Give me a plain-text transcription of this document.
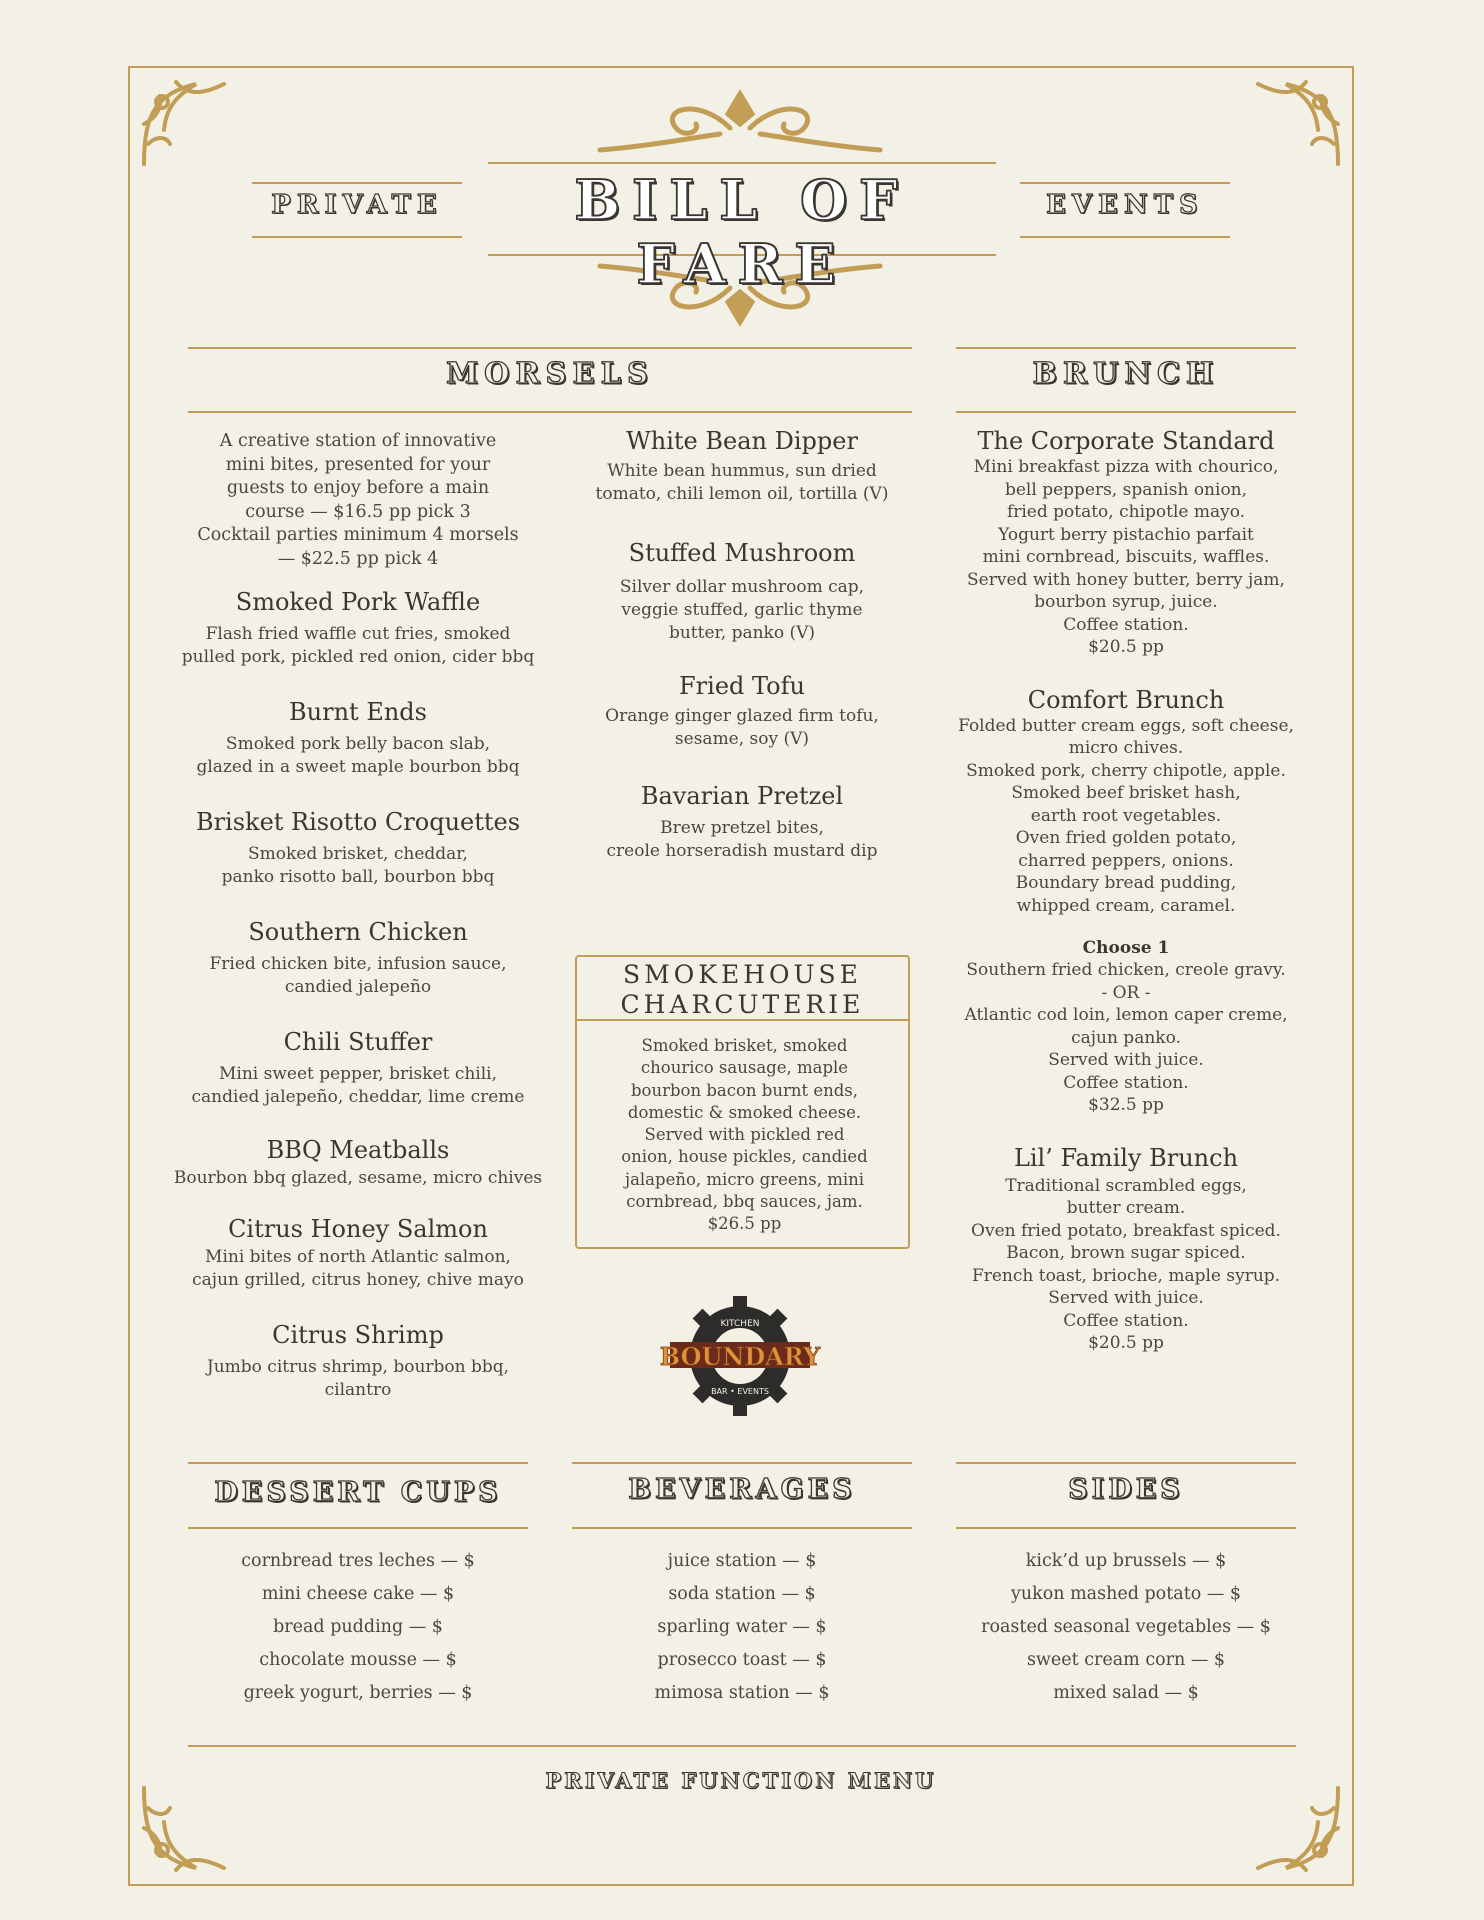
BILL OF FARE
PRIVATE	EVENTS
MORSELS	BRUNCH
A creative station of innovative
mini bites, presented for your
guests to enjoy before a main
course — $16.5 pp pick 3
Cocktail parties minimum 4 morsels
— $22.5 pp pick 4
Smoked Pork Waffle
Flash fried waffle cut fries, smoked
pulled pork, pickled red onion, cider bbq
Burnt Ends
Smoked pork belly bacon slab,
glazed in a sweet maple bourbon bbq
Brisket Risotto Croquettes
Smoked brisket, cheddar,
panko risotto ball, bourbon bbq
Southern Chicken
Fried chicken bite, infusion sauce,
candied jalepeño
Chili Stuffer
Mini sweet pepper, brisket chili,
candied jalepeño, cheddar, lime creme
BBQ Meatballs
Bourbon bbq glazed, sesame, micro chives
Citrus Honey Salmon
Mini bites of north Atlantic salmon,
cajun grilled, citrus honey, chive mayo
Citrus Shrimp
Jumbo citrus shrimp, bourbon bbq,
cilantro
White Bean Dipper
White bean hummus, sun dried
tomato, chili lemon oil, tortilla (V)
Stuffed Mushroom
Silver dollar mushroom cap,
veggie stuffed, garlic thyme
butter, panko (V)
Fried Tofu
Orange ginger glazed firm tofu,
sesame, soy (V)
Bavarian Pretzel
Brew pretzel bites,
creole horseradish mustard dip
SMOKEHOUSE
CHARCUTERIE
Smoked brisket, smoked
chourico sausage, maple
bourbon bacon burnt ends,
domestic & smoked cheese.
Served with pickled red
onion, house pickles, candied
jalapeño, micro greens, mini
cornbread, bbq sauces, jam.
$26.5 pp
KITCHEN
BOUNDARY
BAR • EVENTS
The Corporate Standard
Mini breakfast pizza with chourico,
bell peppers, spanish onion,
fried potato, chipotle mayo.
Yogurt berry pistachio parfait
mini cornbread, biscuits, waffles.
Served with honey butter, berry jam,
bourbon syrup, juice.
Coffee station.
$20.5 pp
Comfort Brunch
Folded butter cream eggs, soft cheese,
micro chives.
Smoked pork, cherry chipotle, apple.
Smoked beef brisket hash,
earth root vegetables.
Oven fried golden potato,
charred peppers, onions.
Boundary bread pudding,
whipped cream, caramel.
Choose 1
Southern fried chicken, creole gravy.
- OR -
Atlantic cod loin, lemon caper creme,
cajun panko.
Served with juice.
Coffee station.
$32.5 pp
Lil’ Family Brunch
Traditional scrambled eggs,
butter cream.
Oven fried potato, breakfast spiced.
Bacon, brown sugar spiced.
French toast, brioche, maple syrup.
Served with juice.
Coffee station.
$20.5 pp
DESSERT CUPS
cornbread tres leches — $
mini cheese cake — $
bread pudding — $
chocolate mousse — $
greek yogurt, berries — $
BEVERAGES
juice station — $
soda station — $
sparling water — $
prosecco toast — $
mimosa station — $
SIDES
kick’d up brussels — $
yukon mashed potato — $
roasted seasonal vegetables — $
sweet cream corn — $
mixed salad — $
PRIVATE FUNCTION MENU
